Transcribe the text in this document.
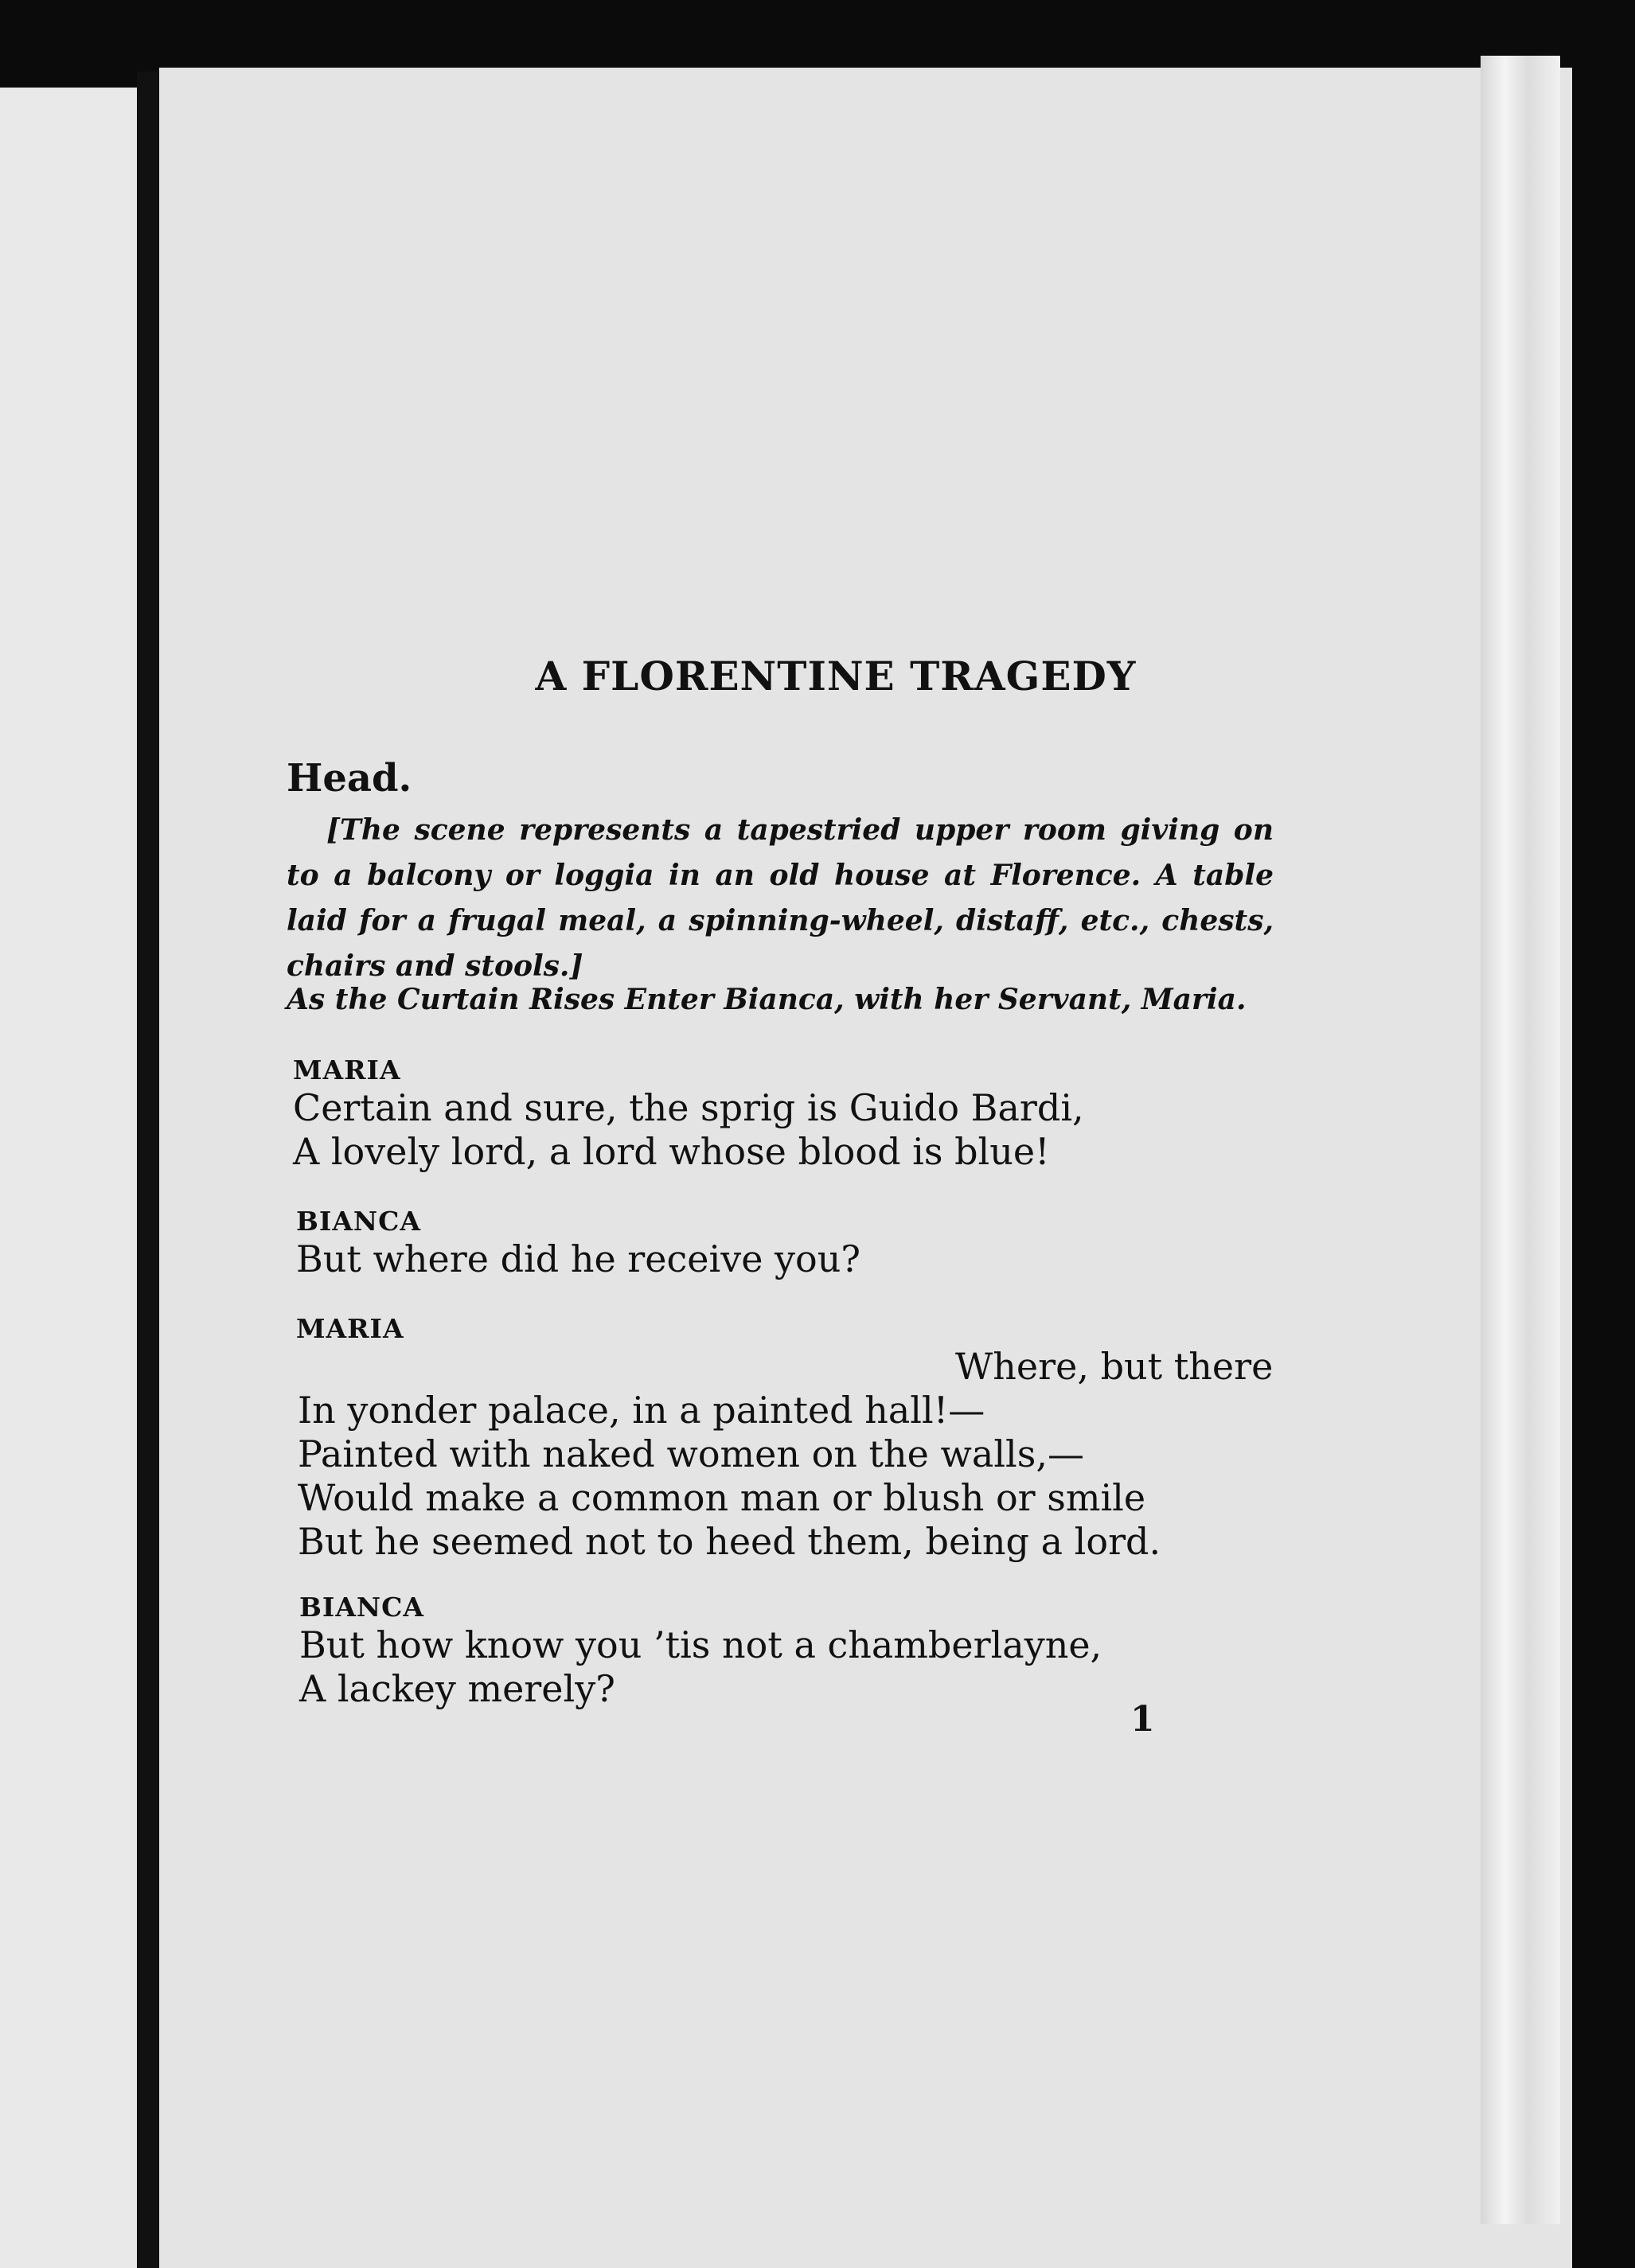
A FLORENTINE TRAGEDY
Head.
[The scene represents a tapestried upper room giving on to a balcony or loggia in an old house at Florence. A table laid for a frugal meal, a spinning-wheel, distaff, etc., chests, chairs and stools.]
As the Curtain Rises Enter Bianca, with her Servant, Maria.
MARIA
Certain and sure, the sprig is Guido Bardi,
A lovely lord, a lord whose blood is blue!
BIANCA
But where did he receive you?
MARIA
Where, but there
In yonder palace, in a painted hall!—
Painted with naked women on the walls,—
Would make a common man or blush or smile
But he seemed not to heed them, being a lord.
BIANCA
But how know you ’tis not a chamberlayne,
A lackey merely?
1
